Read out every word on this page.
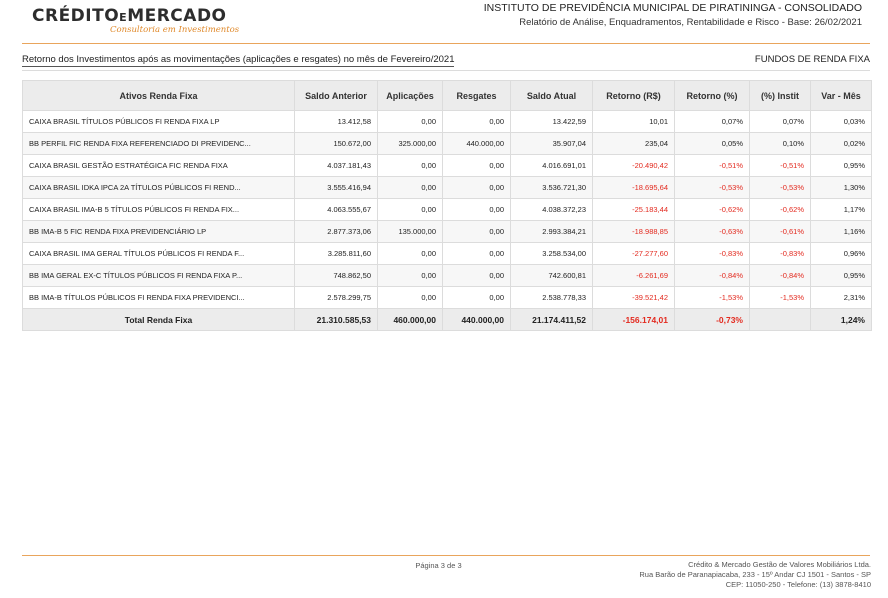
CRÉDITOEMERCADO
Consultoria em Investimentos
INSTITUTO DE PREVIDÊNCIA MUNICIPAL DE PIRATININGA - CONSOLIDADO
Relatório de Análise, Enquadramentos, Rentabilidade e Risco - Base: 26/02/2021
Retorno dos Investimentos após as movimentações (aplicações e resgates) no mês de Fevereiro/2021	FUNDOS DE RENDA FIXA
Ativos Renda Fixa	Saldo Anterior	Aplicações	Resgates	Saldo Atual	Retorno (R$)	Retorno (%)	(%) Instit	Var - Mês
CAIXA BRASIL TÍTULOS PÚBLICOS FI RENDA FIXA LP	13.412,58	0,00	0,00	13.422,59	10,01	0,07%	0,07%	0,03%
BB PERFIL FIC RENDA FIXA REFERENCIADO DI PREVIDENC...	150.672,00	325.000,00	440.000,00	35.907,04	235,04	0,05%	0,10%	0,02%
CAIXA BRASIL GESTÃO ESTRATÉGICA FIC RENDA FIXA	4.037.181,43	0,00	0,00	4.016.691,01	-20.490,42	-0,51%	-0,51%	0,95%
CAIXA BRASIL IDKA IPCA 2A TÍTULOS PÚBLICOS FI REND...	3.555.416,94	0,00	0,00	3.536.721,30	-18.695,64	-0,53%	-0,53%	1,30%
CAIXA BRASIL IMA-B 5 TÍTULOS PÚBLICOS FI RENDA FIX...	4.063.555,67	0,00	0,00	4.038.372,23	-25.183,44	-0,62%	-0,62%	1,17%
BB IMA-B 5 FIC RENDA FIXA PREVIDENCIÁRIO LP	2.877.373,06	135.000,00	0,00	2.993.384,21	-18.988,85	-0,63%	-0,61%	1,16%
CAIXA BRASIL IMA GERAL TÍTULOS PÚBLICOS FI RENDA F...	3.285.811,60	0,00	0,00	3.258.534,00	-27.277,60	-0,83%	-0,83%	0,96%
BB IMA GERAL EX-C TÍTULOS PÚBLICOS FI RENDA FIXA P...	748.862,50	0,00	0,00	742.600,81	-6.261,69	-0,84%	-0,84%	0,95%
BB IMA-B TÍTULOS PÚBLICOS FI RENDA FIXA PREVIDENCI...	2.578.299,75	0,00	0,00	2.538.778,33	-39.521,42	-1,53%	-1,53%	2,31%
Total Renda Fixa	21.310.585,53	460.000,00	440.000,00	21.174.411,52	-156.174,01	-0,73%		1,24%
Página 3 de 3	Crédito & Mercado Gestão de Valores Mobiliários Ltda.
Rua Barão de Paranapiacaba, 233 - 15º Andar CJ 1501 - Santos - SP
CEP: 11050-250 - Telefone: (13) 3878-8410
